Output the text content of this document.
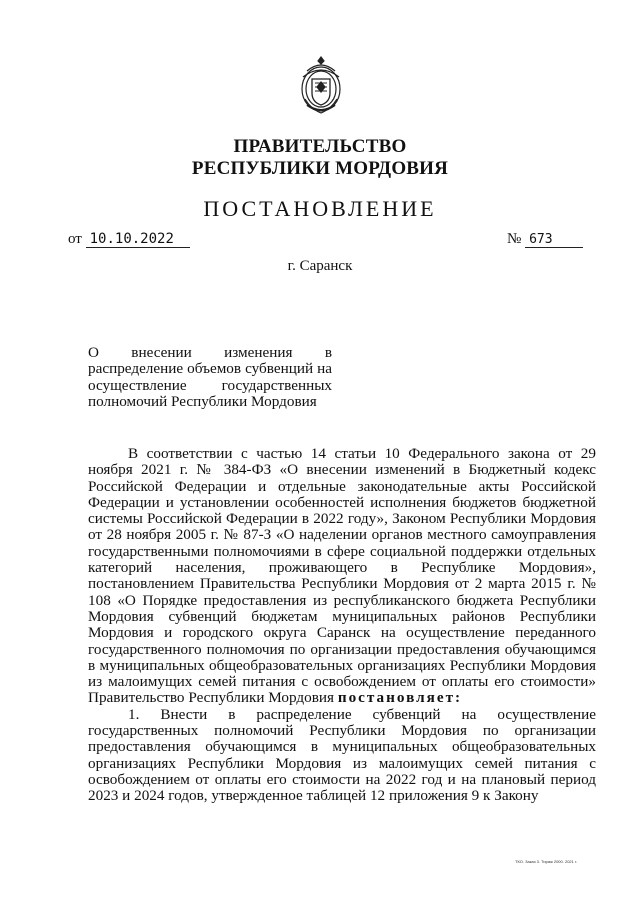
ПРАВИТЕЛЬСТВО
РЕСПУБЛИКИ МОРДОВИЯ
ПОСТАНОВЛЕНИЕ
от 10.10.2022	№ 673
г. Саранск
О внесении изменения в распределение объемов субвенций на осуществление государственных полномочий Республики Мордовия

В соответствии с частью 14 статьи 10 Федерального закона от 29 ноября 2021 г. № 384-ФЗ «О внесении изменений в Бюджетный кодекс Российской Федерации и отдельные законодательные акты Российской Федерации и установлении особенностей исполнения бюджетов бюджетной системы Российской Федерации в 2022 году», Законом Республики Мордовия от 28 ноября 2005 г. № 87-З «О наделении органов местного самоуправления государственными полномочиями в сфере социальной поддержки отдельных категорий населения, проживающего в Республике Мордовия», постановлением Правительства Республики Мордовия от 2 марта 2015 г. № 108 «О Порядке предоставления из республиканского бюджета Республики Мордовия субвенций бюджетам муниципальных районов Республики Мордовия и городского округа Саранск на осуществление переданного государственного полномочия по организации предоставления обучающимся в муниципальных общеобразовательных организациях Республики Мордовия из малоимущих семей питания с освобождением от оплаты его стоимости» Правительство Республики Мордовия постановляет:

1. Внести в распределение субвенций на осуществление государственных полномочий Республики Мордовия по организации предоставления обучающимся в муниципальных общеобразовательных организациях Республики Мордовия из малоимущих семей питания с освобождением от оплаты его стоимости на 2022 год и на плановый период 2023 и 2024 годов, утвержденное таблицей 12 приложения 9 к Закону

ТКО. Заказ 3. Тираж 2000. 2021 г.
